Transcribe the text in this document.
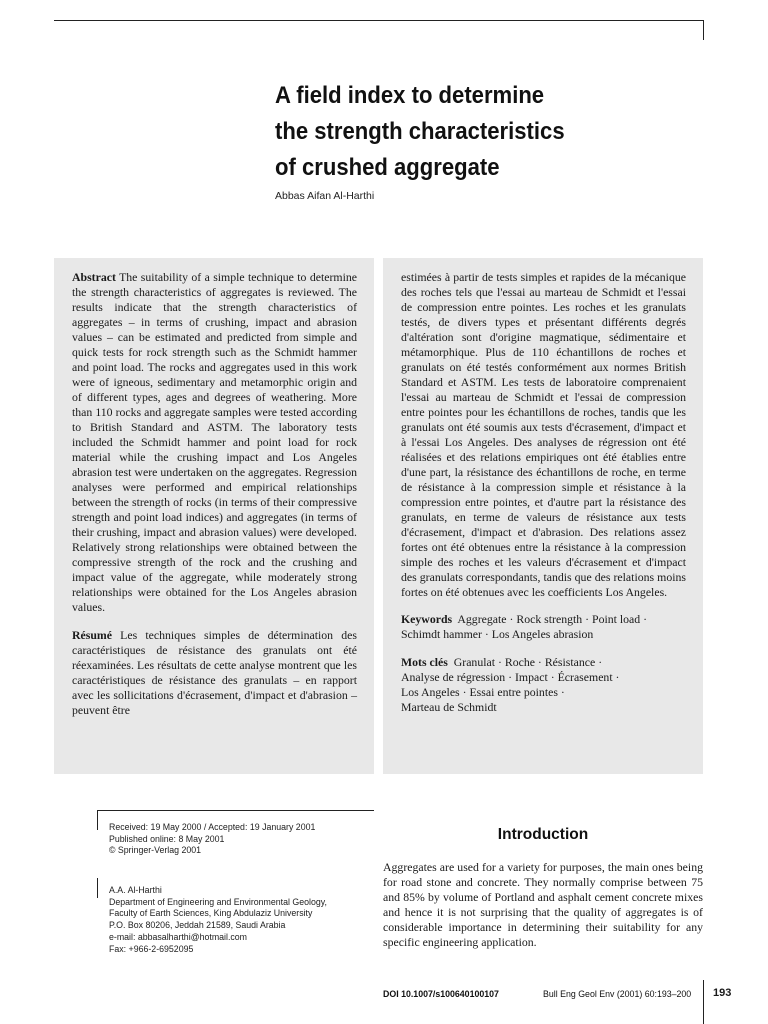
A field index to determine
the strength characteristics
of crushed aggregate
Abbas Aifan Al-Harthi

Abstract The suitability of a simple technique to determine the strength characteristics of aggregates is reviewed. The results indicate that the strength characteristics of aggregates – in terms of crushing, impact and abrasion values – can be estimated and predicted from simple and quick tests for rock strength such as the Schmidt hammer and point load. The rocks and aggregates used in this work were of igneous, sedimentary and metamorphic origin and of different types, ages and degrees of weathering. More than 110 rocks and aggregate samples were tested according to British Standard and ASTM. The laboratory tests included the Schmidt hammer and point load for rock material while the crushing impact and Los Angeles abrasion test were undertaken on the aggregates. Regression analyses were performed and empirical relationships between the strength of rocks (in terms of their compressive strength and point load indices) and aggregates (in terms of their crushing, impact and abrasion values) were developed. Relatively strong relationships were obtained between the compressive strength of the rock and the crushing and impact value of the aggregate, while moderately strong relationships were obtained for the Los Angeles abrasion values.

Résumé Les techniques simples de détermination des caractéristiques de résistance des granulats ont été réexaminées. Les résultats de cette analyse montrent que les caractéristiques de résistance des granulats – en rapport avec les sollicitations d'écrasement, d'impact et d'abrasion – peuvent être

estimées à partir de tests simples et rapides de la mécanique des roches tels que l'essai au marteau de Schmidt et l'essai de compression entre pointes. Les roches et les granulats testés, de divers types et présentant différents degrés d'altération sont d'origine magmatique, sédimentaire et métamorphique. Plus de 110 échantillons de roches et granulats on été testés conformément aux normes British Standard et ASTM. Les tests de laboratoire comprenaient l'essai au marteau de Schmidt et l'essai de compression entre pointes pour les échantillons de roches, tandis que les granulats ont été soumis aux tests d'écrasement, d'impact et à l'essai Los Angeles. Des analyses de régression ont été réalisées et des relations empiriques ont été établies entre d'une part, la résistance des échantillons de roche, en terme de résistance à la compression simple et résistance à la compression entre pointes, et d'autre part la résistance des granulats, en terme de valeurs de résistance aux tests d'écrasement, d'impact et d'abrasion. Des relations assez fortes ont été obtenues entre la résistance à la compression simple des roches et les valeurs d'écrasement et d'impact des granulats correspondants, tandis que des relations moins fortes on été obtenues avec les coefficients Los Angeles.

Keywords Aggregate · Rock strength · Point load ·
Schimdt hammer · Los Angeles abrasion
Mots clés Granulat · Roche · Résistance ·
Analyse de régression · Impact · Écrasement ·
Los Angeles · Essai entre pointes ·
Marteau de Schmidt
Received: 19 May 2000 / Accepted: 19 January 2001
Published online: 8 May 2001
© Springer-Verlag 2001
A.A. Al-Harthi
Department of Engineering and Environmental Geology,
Faculty of Earth Sciences, King Abdulaziz University
P.O. Box 80206, Jeddah 21589, Saudi Arabia
e-mail: abbasalharthi@hotmail.com
Fax: +966-2-6952095
Introduction

Aggregates are used for a variety for purposes, the main ones being for road stone and concrete. They normally comprise between 75 and 85% by volume of Portland and asphalt cement concrete mixes and hence it is not surprising that the quality of aggregates is of considerable importance in determining their suitability for any specific engineering application.

DOI 10.1007/s100640100107	Bull Eng Geol Env (2001) 60:193–200 193
